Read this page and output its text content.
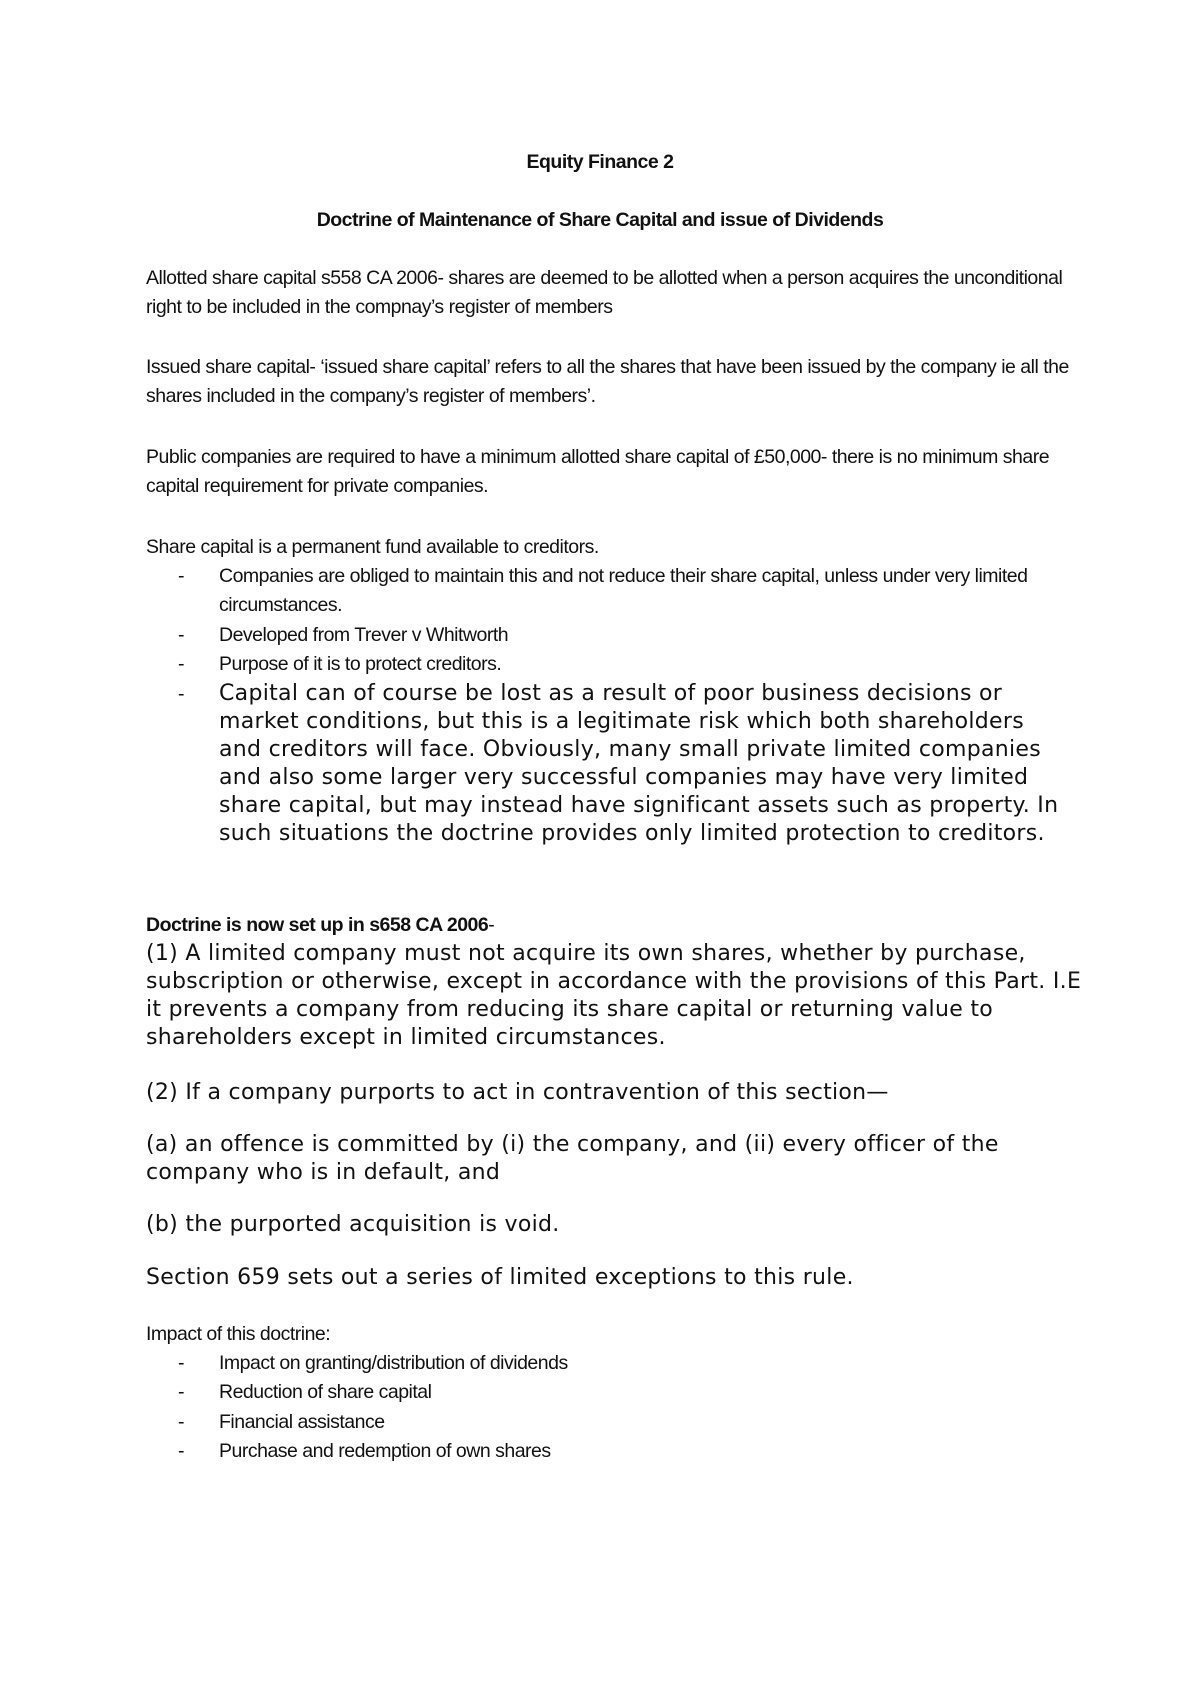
Equity Finance 2

Doctrine of Maintenance of Share Capital and issue of Dividends

Allotted share capital s558 CA 2006- shares are deemed to be allotted when a person acquires the unconditional right to be included in the compnay’s register of members

Issued share capital- ‘issued share capital’ refers to all the shares that have been issued by the company ie all the shares included in the company’s register of members’.

Public companies are required to have a minimum allotted share capital of £50,000- there is no minimum share capital requirement for private companies.

Share capital is a permanent fund available to creditors.

- Companies are obliged to maintain this and not reduce their share capital, unless under very limited circumstances.

- Developed from Trever v Whitworth

- Purpose of it is to protect creditors.

- Capital can of course be lost as a result of poor business decisions or market conditions, but this is a legitimate risk which both shareholders and creditors will face. Obviously, many small private limited companies and also some larger very successful companies may have very limited share capital, but may instead have significant assets such as property. In such situations the doctrine provides only limited protection to creditors.

Doctrine is now set up in s658 CA 2006-

(1) A limited company must not acquire its own shares, whether by purchase, subscription or otherwise, except in accordance with the provisions of this Part. I.E it prevents a company from reducing its share capital or returning value to shareholders except in limited circumstances.

(2) If a company purports to act in contravention of this section—

(a) an offence is committed by (i) the company, and (ii) every officer of the company who is in default, and

(b) the purported acquisition is void.

Section 659 sets out a series of limited exceptions to this rule.

Impact of this doctrine:

- Impact on granting/distribution of dividends

- Reduction of share capital

- Financial assistance

- Purchase and redemption of own shares
